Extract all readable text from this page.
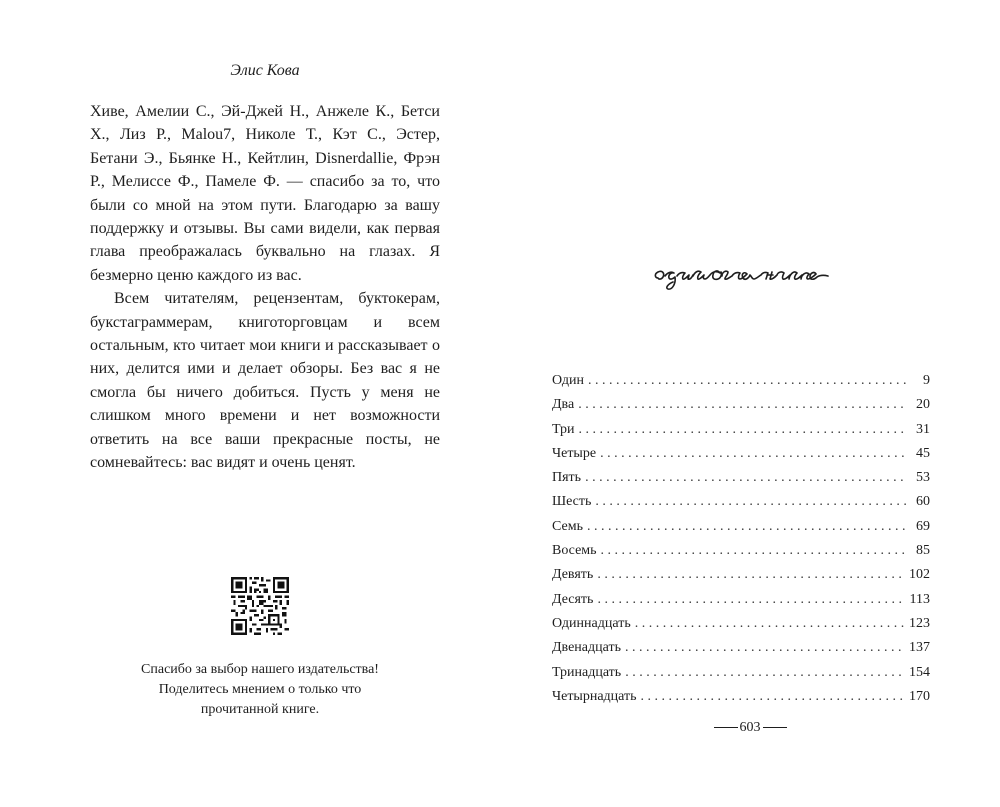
Элис Кова

Хиве, Амелии С., Эй-Джей Н., Анжеле К., Бетси Х., Лиз Р., Malou7, Николе Т., Кэт С., Эстер, Бетани Э., Бьянке Н., Кейтлин, Disnerdallie, Фрэн Р., Мелиссе Ф., Памеле Ф. — спасибо за то, что были со мной на этом пути. Благодарю за вашу поддержку и отзывы. Вы сами видели, как первая глава преображалась буквально на глазах. Я безмерно ценю каждого из вас.

Всем читателям, рецензентам, буктокерам, букстаграммерам, книготорговцам и всем остальным, кто читает мои книги и рассказывает о них, делится ими и делает обзоры. Без вас я не смогла бы ничего добиться. Пусть у меня не слишком много времени и нет возможности ответить на все ваши прекрасные посты, не сомневайтесь: вас видят и очень ценят.

Спасибо за выбор нашего издательства!
Поделитесь мнением о только что
прочитанной книге.
Один . . .	9
Два . . .	20
Три . . .	31
Четыре . . .	45
Пять . . .	53
Шесть . . .	60
Семь . . .	69
Восемь . . .	85
Девять . . .	102
Десять . . .	113
Одиннадцать . . .	123
Двенадцать . . .	137
Тринадцать . . .	154
Четырнадцать . . .	170
603
